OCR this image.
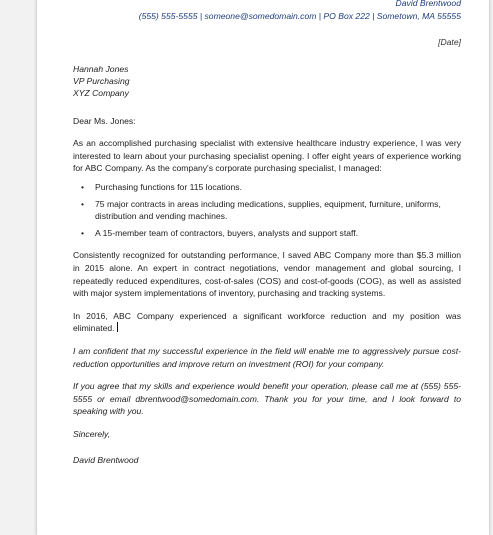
David Brentwood
(555) 555-5555 | someone@somedomain.com | PO Box 222 | Sometown, MA 55555
[Date]
Hannah Jones
VP Purchasing
XYZ Company

Dear Ms. Jones:

As an accomplished purchasing specialist with extensive healthcare industry experience, I was very interested to learn about your purchasing specialist opening. I offer eight years of experience working for ABC Company. As the company's corporate purchasing specialist, I managed:

• Purchasing functions for 115 locations.
• 75 major contracts in areas including medications, supplies, equipment, furniture, uniforms, distribution and vending machines.
• A 15-member team of contractors, buyers, analysts and support staff.

Consistently recognized for outstanding performance, I saved ABC Company more than $5.3 million in 2015 alone. An expert in contract negotiations, vendor management and global sourcing, I repeatedly reduced expenditures, cost-of-sales (COS) and cost-of-goods (COG), as well as assisted with major system implementations of inventory, purchasing and tracking systems.

In 2016, ABC Company experienced a significant workforce reduction and my position was eliminated.

I am confident that my successful experience in the field will enable me to aggressively pursue cost-reduction opportunities and improve return on investment (ROI) for your company.

If you agree that my skills and experience would benefit your operation, please call me at (555) 555-5555 or email dbrentwood@somedomain.com. Thank you for your time, and I look forward to speaking with you.

Sincerely,

David Brentwood
